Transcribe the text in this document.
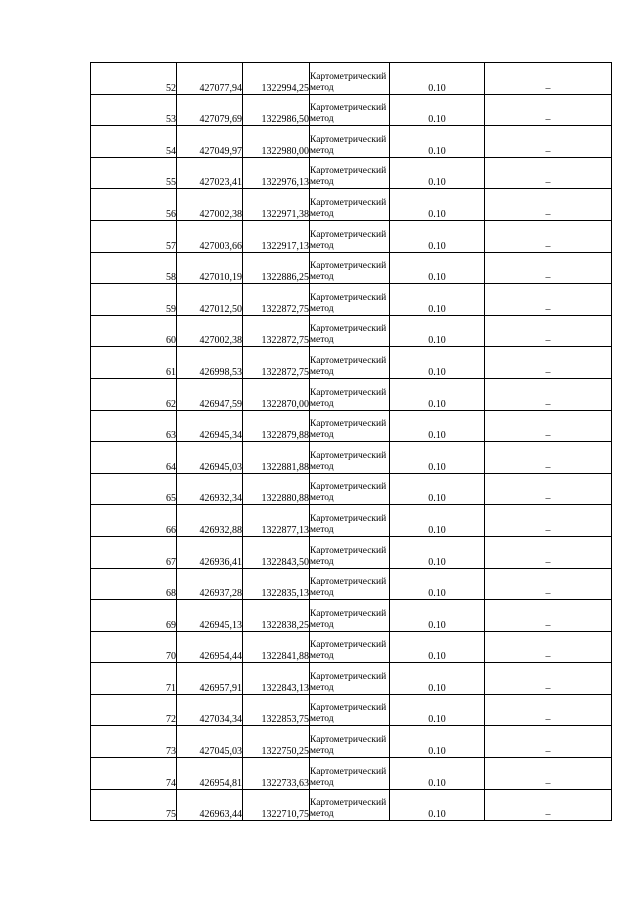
52	427077,94	1322994,25	Картометрический метод	0.10	–
53	427079,69	1322986,50	Картометрический метод	0.10	–
54	427049,97	1322980,00	Картометрический метод	0.10	–
55	427023,41	1322976,13	Картометрический метод	0.10	–
56	427002,38	1322971,38	Картометрический метод	0.10	–
57	427003,66	1322917,13	Картометрический метод	0.10	–
58	427010,19	1322886,25	Картометрический метод	0.10	–
59	427012,50	1322872,75	Картометрический метод	0.10	–
60	427002,38	1322872,75	Картометрический метод	0.10	–
61	426998,53	1322872,75	Картометрический метод	0.10	–
62	426947,59	1322870,00	Картометрический метод	0.10	–
63	426945,34	1322879,88	Картометрический метод	0.10	–
64	426945,03	1322881,88	Картометрический метод	0.10	–
65	426932,34	1322880,88	Картометрический метод	0.10	–
66	426932,88	1322877,13	Картометрический метод	0.10	–
67	426936,41	1322843,50	Картометрический метод	0.10	–
68	426937,28	1322835,13	Картометрический метод	0.10	–
69	426945,13	1322838,25	Картометрический метод	0.10	–
70	426954,44	1322841,88	Картометрический метод	0.10	–
71	426957,91	1322843,13	Картометрический метод	0.10	–
72	427034,34	1322853,75	Картометрический метод	0.10	–
73	427045,03	1322750,25	Картометрический метод	0.10	–
74	426954,81	1322733,63	Картометрический метод	0.10	–
75	426963,44	1322710,75	Картометрический метод	0.10	–
